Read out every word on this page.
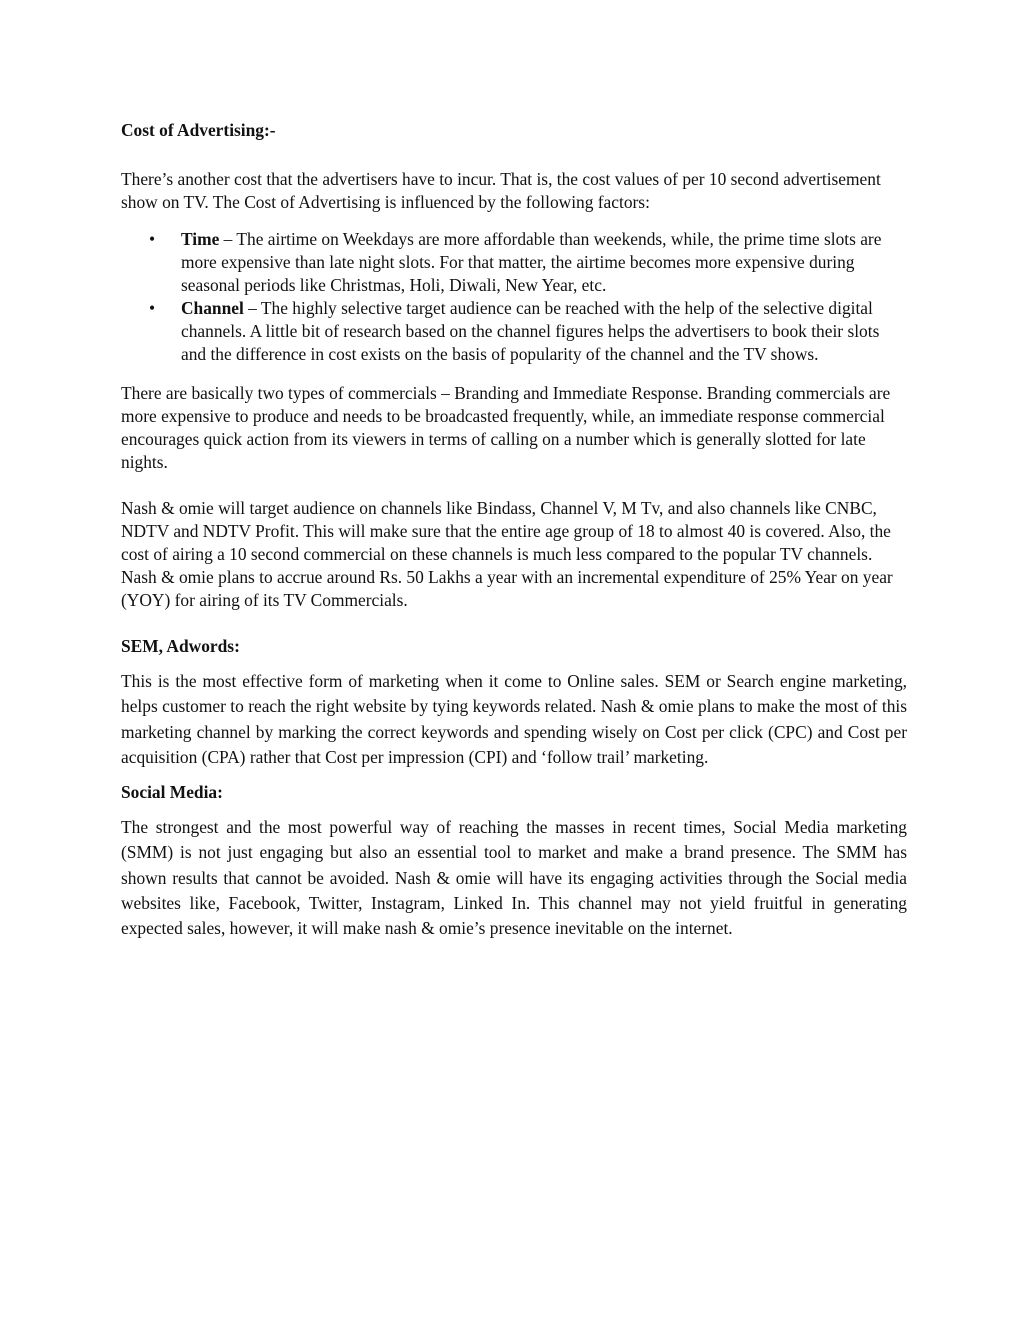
Cost of Advertising:-

There’s another cost that the advertisers have to incur. That is, the cost values of per 10 second advertisement show on TV. The Cost of Advertising is influenced by the following factors:

• Time – The airtime on Weekdays are more affordable than weekends, while, the prime time slots are more expensive than late night slots. For that matter, the airtime becomes more expensive during seasonal periods like Christmas, Holi, Diwali, New Year, etc.
• Channel – The highly selective target audience can be reached with the help of the selective digital channels. A little bit of research based on the channel figures helps the advertisers to book their slots and the difference in cost exists on the basis of popularity of the channel and the TV shows.

There are basically two types of commercials – Branding and Immediate Response. Branding commercials are more expensive to produce and needs to be broadcasted frequently, while, an immediate response commercial encourages quick action from its viewers in terms of calling on a number which is generally slotted for late nights.

Nash & omie will target audience on channels like Bindass, Channel V, M Tv, and also channels like CNBC, NDTV and NDTV Profit. This will make sure that the entire age group of 18 to almost 40 is covered. Also, the cost of airing a 10 second commercial on these channels is much less compared to the popular TV channels. Nash & omie plans to accrue around Rs. 50 Lakhs a year with an incremental expenditure of 25% Year on year (YOY) for airing of its TV Commercials.

SEM, Adwords:

This is the most effective form of marketing when it come to Online sales. SEM or Search engine marketing, helps customer to reach the right website by tying keywords related. Nash & omie plans to make the most of this marketing channel by marking the correct keywords and spending wisely on Cost per click (CPC) and Cost per acquisition (CPA) rather that Cost per impression (CPI) and ‘follow trail’ marketing.

Social Media:

The strongest and the most powerful way of reaching the masses in recent times, Social Media marketing (SMM) is not just engaging but also an essential tool to market and make a brand presence. The SMM has shown results that cannot be avoided. Nash & omie will have its engaging activities through the Social media websites like, Facebook, Twitter, Instagram, Linked In. This channel may not yield fruitful in generating expected sales, however, it will make nash & omie’s presence inevitable on the internet.
